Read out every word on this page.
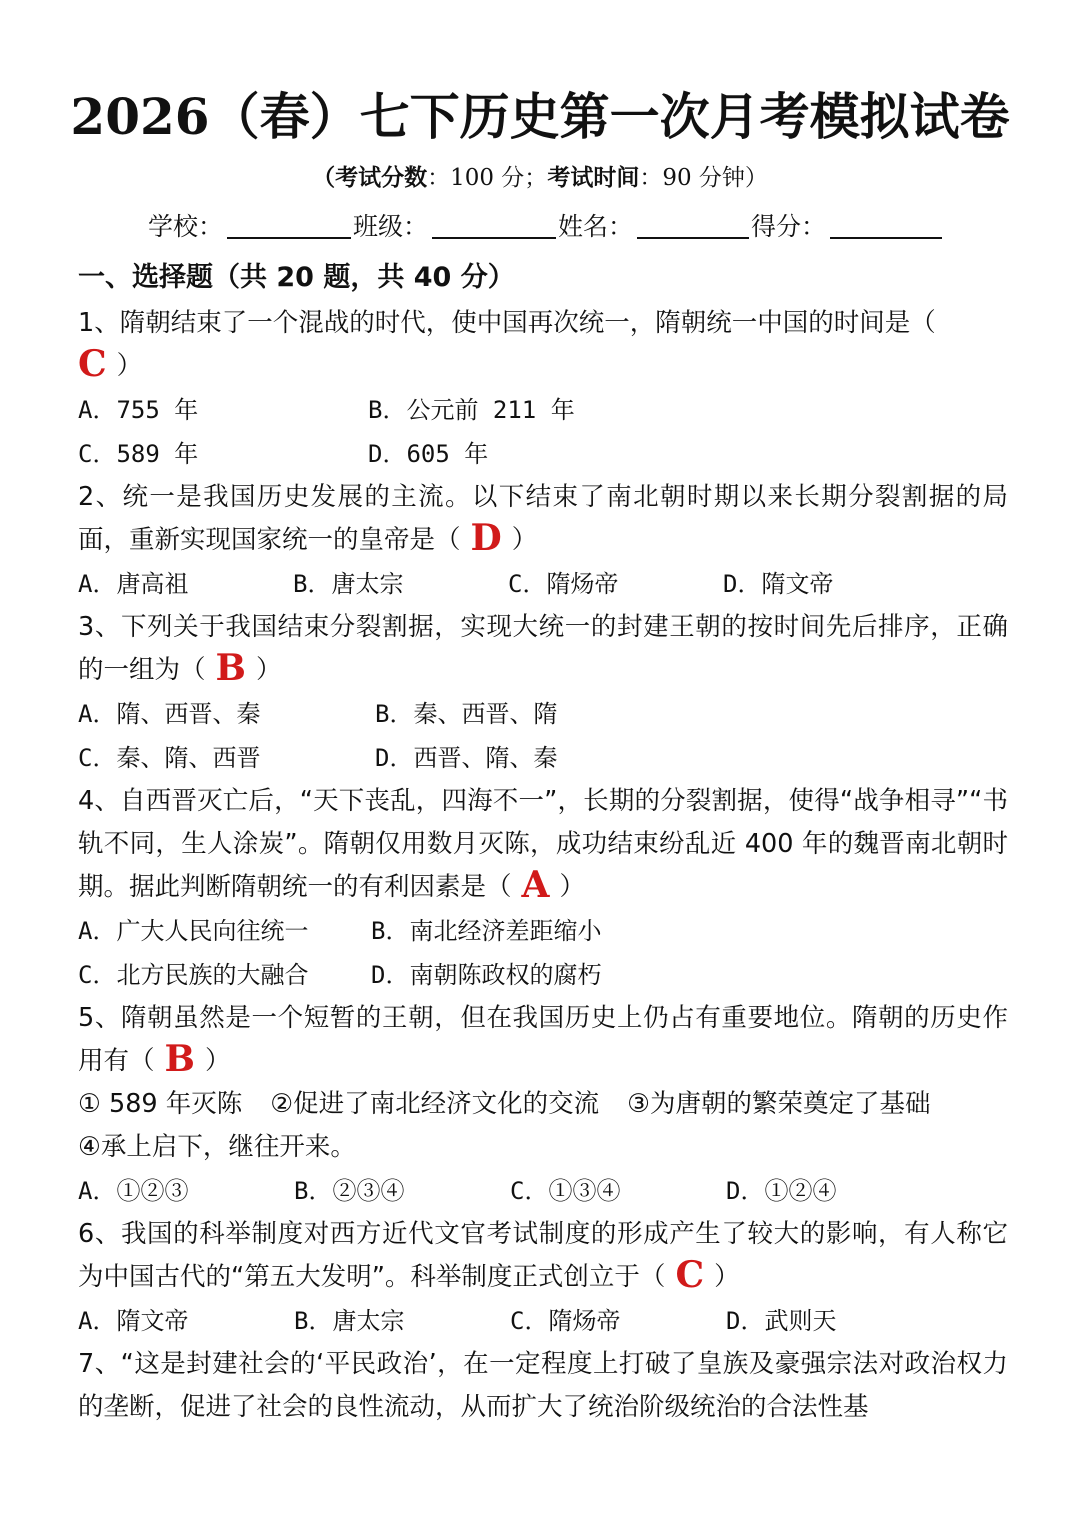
2026（春）七下历史第一次月考模拟试卷
（考试分数：100 分；考试时间：90 分钟）
学校：	班级：	姓名：	得分：
一、选择题（共 20 题，共 40 分）
1、隋朝结束了一个混战的时代，使中国再次统一，隋朝统一中国的时间是（
C ）
A．755 年	B．公元前 211 年
C．589 年	D．605 年
2、统一是我国历史发展的主流。以下结束了南北朝时期以来长期分裂割据的局面，重新实现国家统一的皇帝是（ D ）
A．唐高祖	B．唐太宗	C．隋炀帝	D．隋文帝
3、下列关于我国结束分裂割据，实现大统一的封建王朝的按时间先后排序，正确的一组为（ B ）
A．隋、西晋、秦	B．秦、西晋、隋
C．秦、隋、西晋	D．西晋、隋、秦
4、自西晋灭亡后，“天下丧乱，四海不一”，长期的分裂割据，使得“战争相寻”“书轨不同，生人涂炭”。隋朝仅用数月灭陈，成功结束纷乱近 400 年的魏晋南北朝时期。据此判断隋朝统一的有利因素是（ A ）
A．广大人民向往统一	B．南北经济差距缩小
C．北方民族的大融合	D．南朝陈政权的腐朽
5、隋朝虽然是一个短暂的王朝，但在我国历史上仍占有重要地位。隋朝的历史作用有（ B ）
① 589 年灭陈 ②促进了南北经济文化的交流 ③为唐朝的繁荣奠定了基础
④承上启下，继往开来。
A．①②③	B．②③④	C．①③④	D．①②④
6、我国的科举制度对西方近代文官考试制度的形成产生了较大的影响，有人称它为中国古代的“第五大发明”。科举制度正式创立于（ C ）
A．隋文帝	B．唐太宗	C．隋炀帝	D．武则天
7、“这是封建社会的‘平民政治’，在一定程度上打破了皇族及豪强宗法对政治权力的垄断，促进了社会的良性流动，从而扩大了统治阶级统治的合法性基
